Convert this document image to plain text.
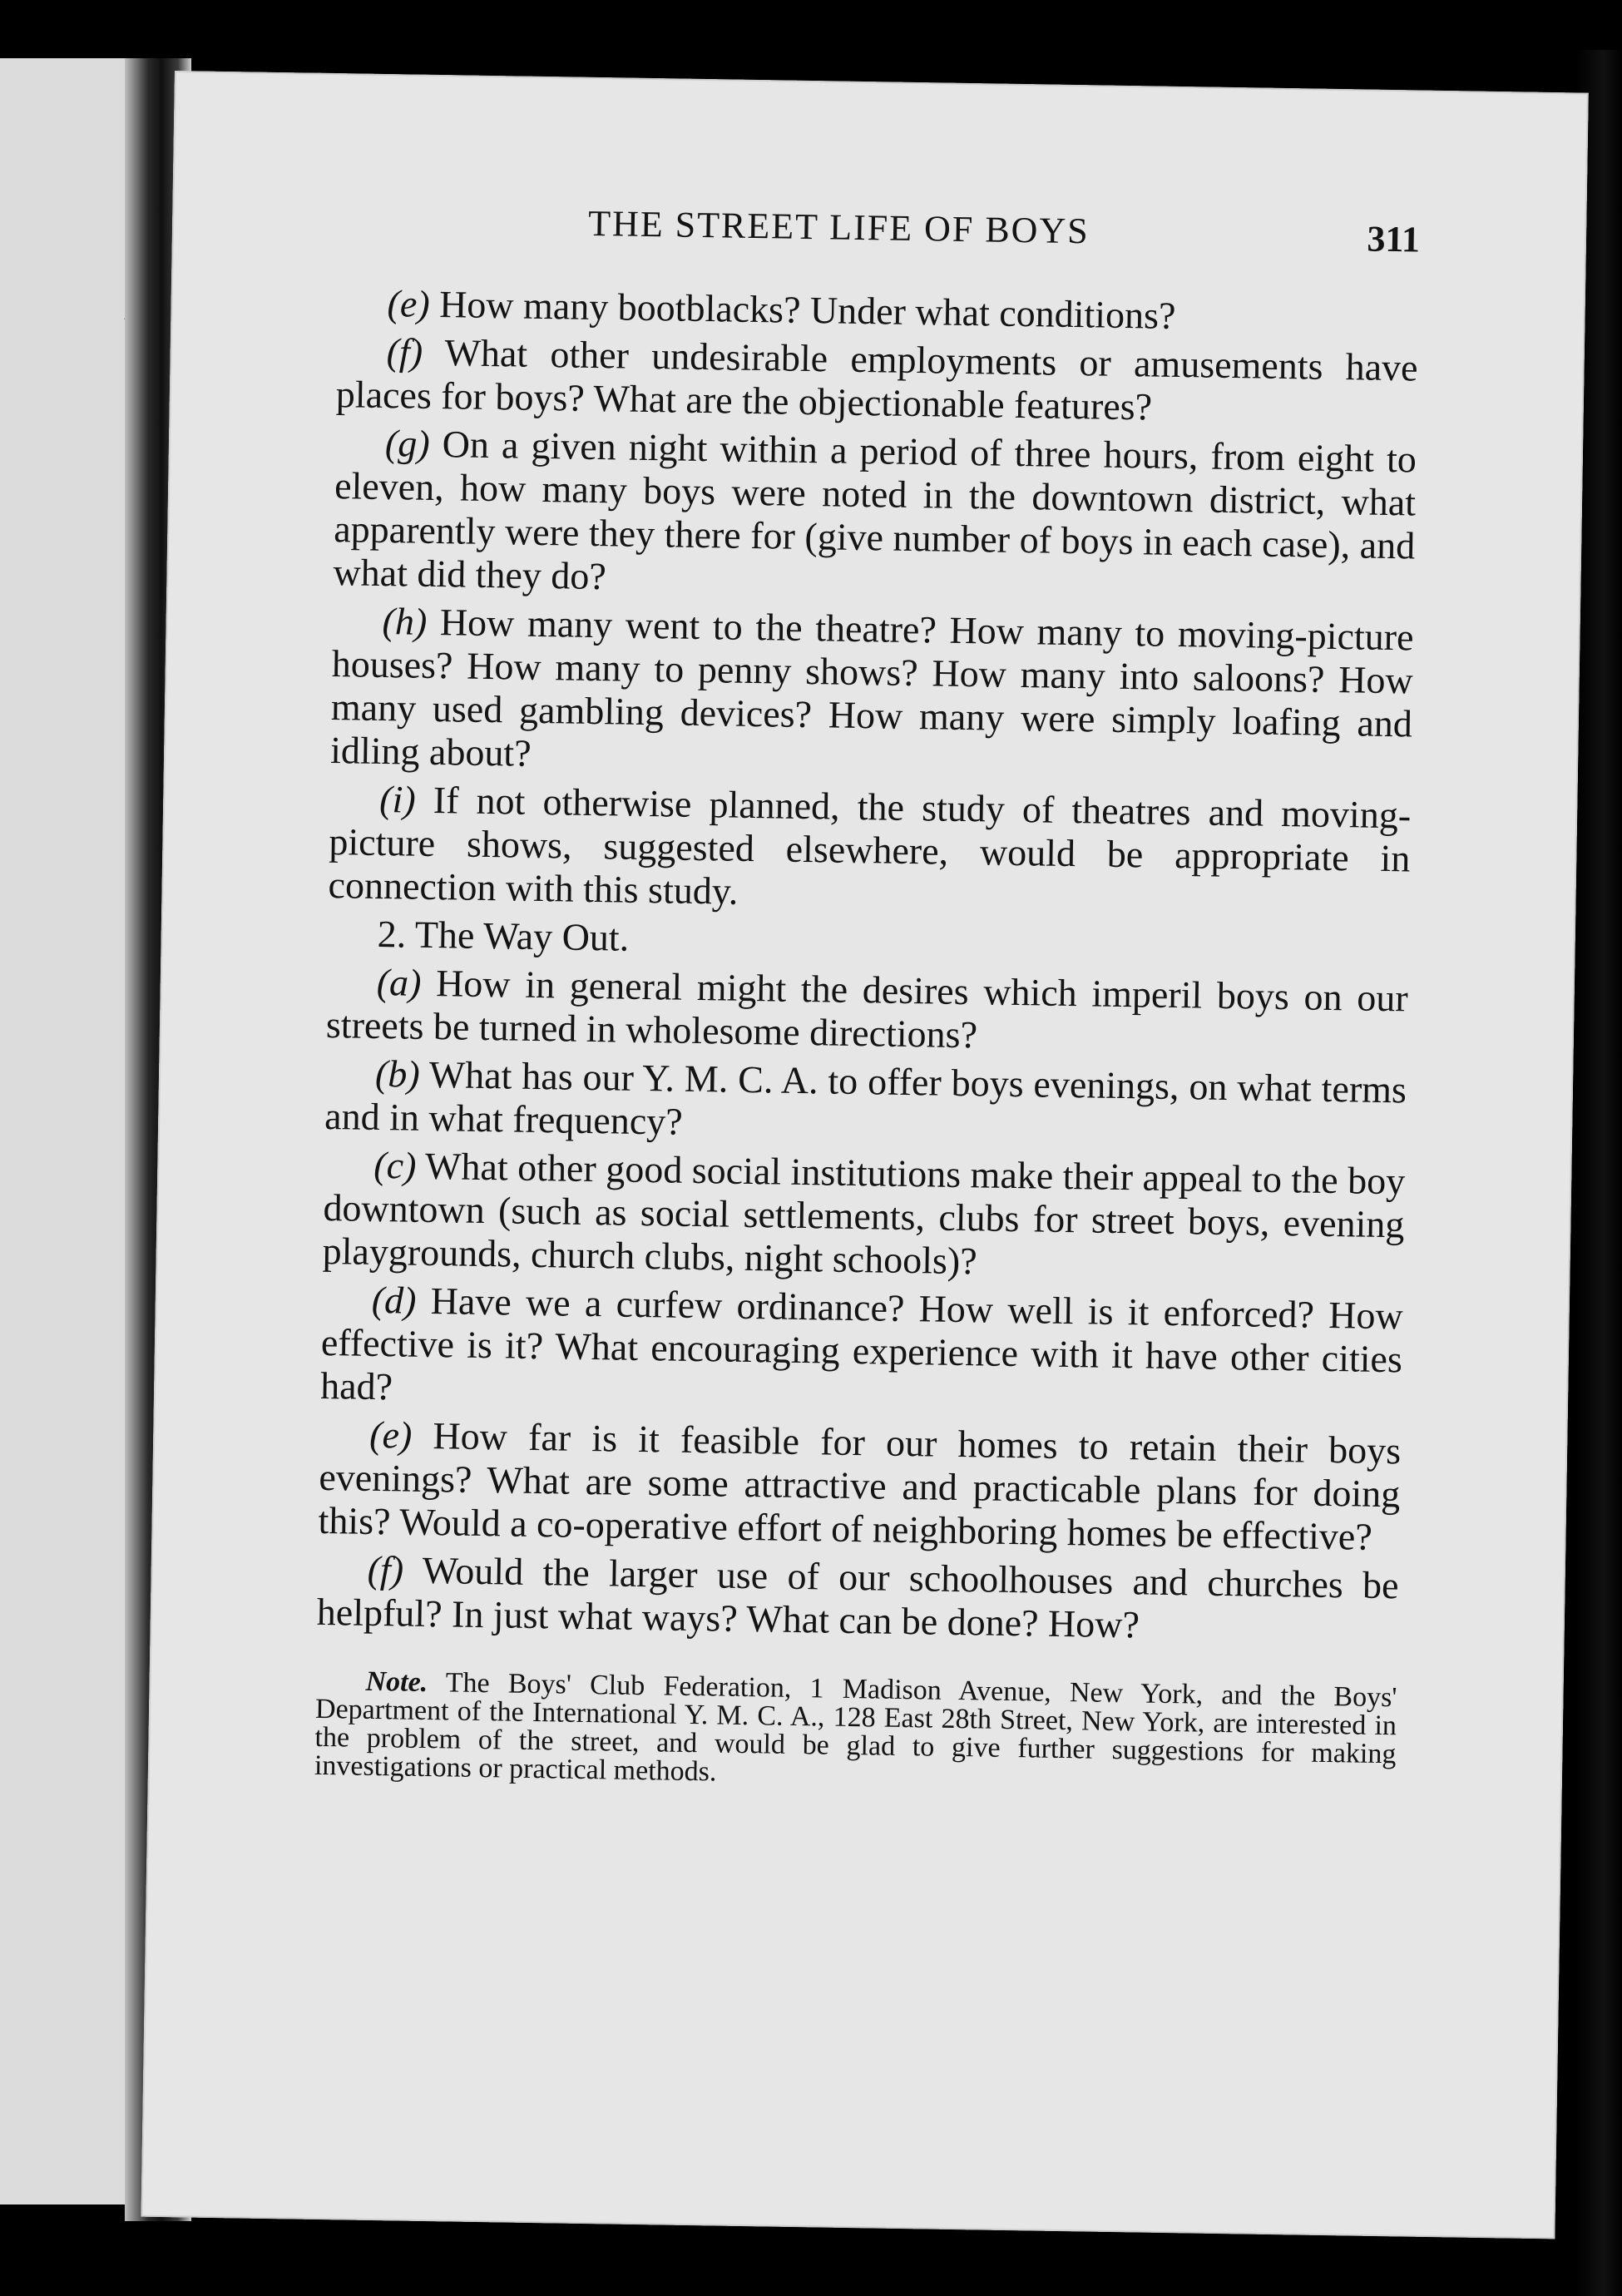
THE STREET LIFE OF BOYS	311

(e) How many bootblacks? Under what conditions?

(f) What other undesirable employments or amusements have places for boys? What are the objectionable features?

(g) On a given night within a period of three hours, from eight to eleven, how many boys were noted in the downtown district, what apparently were they there for (give number of boys in each case), and what did they do?

(h) How many went to the theatre? How many to moving-picture houses? How many to penny shows? How many into saloons? How many used gambling devices? How many were simply loafing and idling about?

(i) If not otherwise planned, the study of theatres and moving-picture shows, suggested elsewhere, would be appropriate in connection with this study.

2. The Way Out.

(a) How in general might the desires which imperil boys on our streets be turned in wholesome directions?

(b) What has our Y. M. C. A. to offer boys evenings, on what terms and in what frequency?

(c) What other good social institutions make their appeal to the boy downtown (such as social settlements, clubs for street boys, evening playgrounds, church clubs, night schools)?

(d) Have we a curfew ordinance? How well is it enforced? How effective is it? What encouraging experience with it have other cities had?

(e) How far is it feasible for our homes to retain their boys evenings? What are some attractive and practicable plans for doing this? Would a co-operative effort of neighboring homes be effective?

(f) Would the larger use of our schoolhouses and churches be helpful? In just what ways? What can be done? How?

Note. The Boys' Club Federation, 1 Madison Avenue, New York, and the Boys' Department of the International Y. M. C. A., 128 East 28th Street, New York, are interested in the problem of the street, and would be glad to give further suggestions for making investigations or practical methods.
